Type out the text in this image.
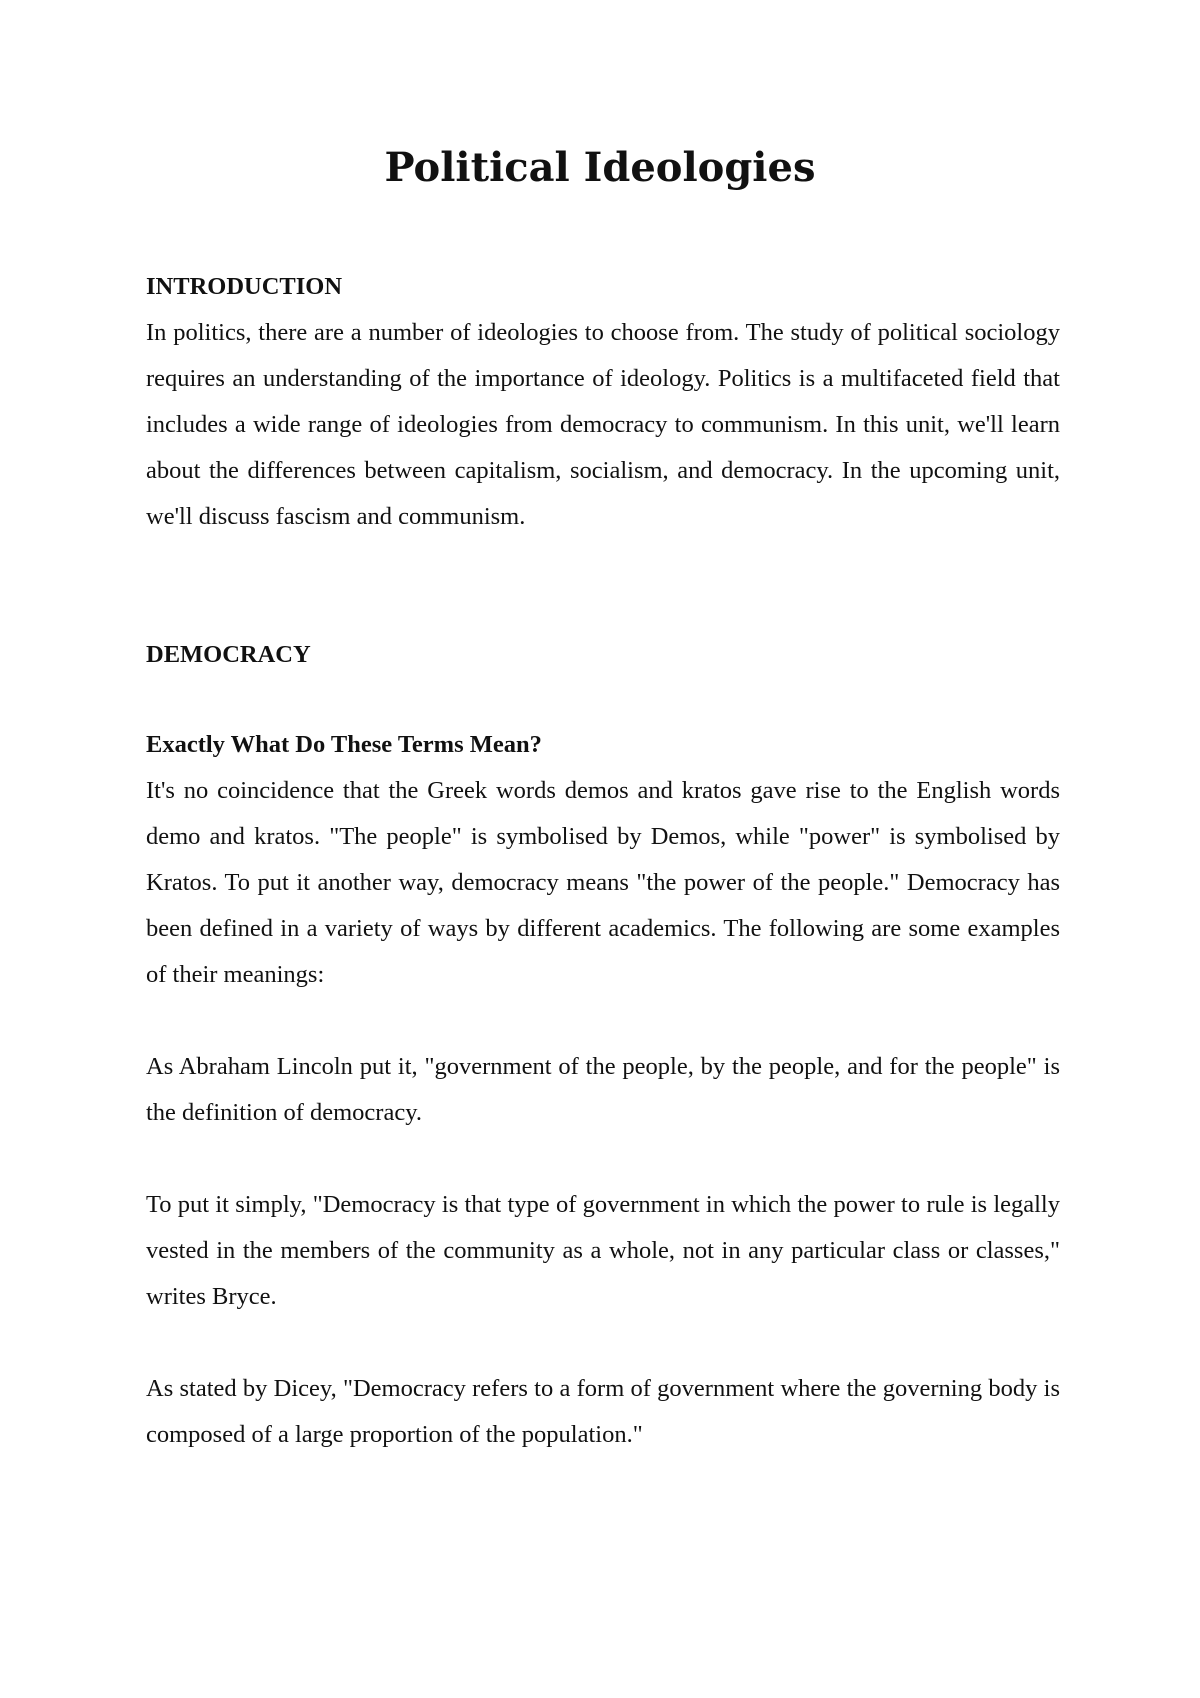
Political Ideologies

INTRODUCTION

In politics, there are a number of ideologies to choose from. The study of political sociology requires an understanding of the importance of ideology. Politics is a multifaceted field that includes a wide range of ideologies from democracy to communism. In this unit, we'll learn about the differences between capitalism, socialism, and democracy. In the upcoming unit, we'll discuss fascism and communism.

DEMOCRACY

Exactly What Do These Terms Mean?

It's no coincidence that the Greek words demos and kratos gave rise to the English words demo and kratos. "The people" is symbolised by Demos, while "power" is symbolised by Kratos. To put it another way, democracy means "the power of the people." Democracy has been defined in a variety of ways by different academics. The following are some examples of their meanings:

As Abraham Lincoln put it, "government of the people, by the people, and for the people" is the definition of democracy.

To put it simply, "Democracy is that type of government in which the power to rule is legally vested in the members of the community as a whole, not in any particular class or classes," writes Bryce.

As stated by Dicey, "Democracy refers to a form of government where the governing body is composed of a large proportion of the population."
